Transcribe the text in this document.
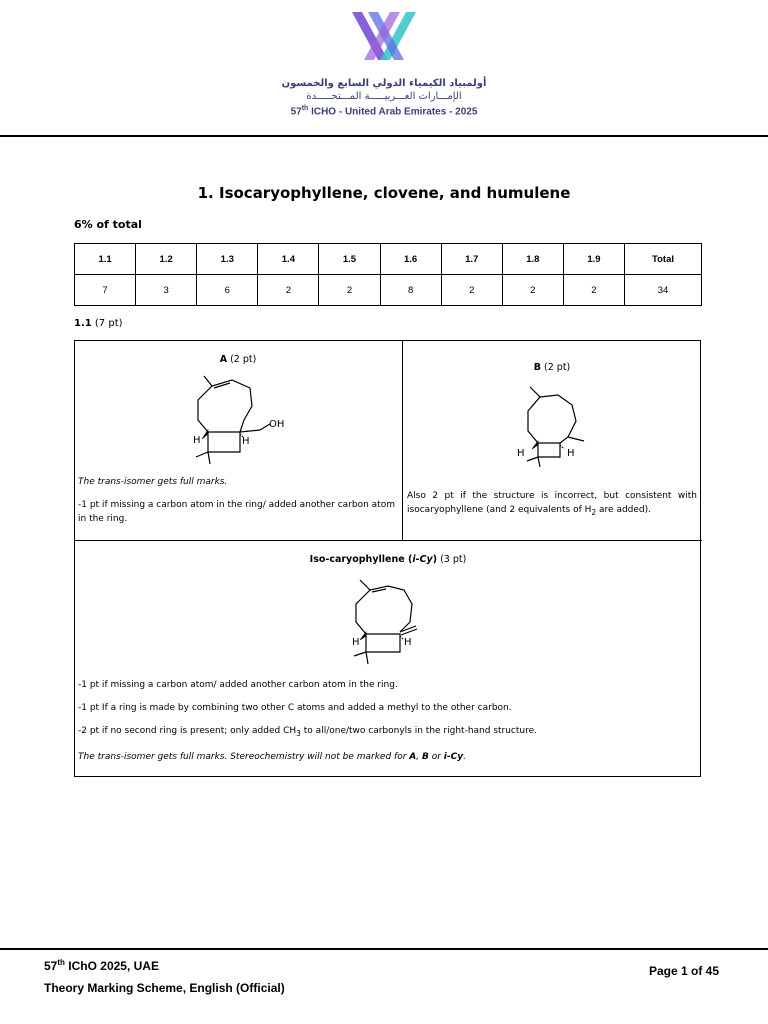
أولمبياد الكيمياء الدولي السابع والخمسون
الإمـــارات العـــربيـــــة المـــتحـــــدة
57th ICHO - United Arab Emirates - 2025
1. Isocaryophyllene, clovene, and humulene
6% of total
1.1	1.2	1.3	1.4	1.5	1.6	1.7	1.8	1.9	Total
7	3	6	2	2	8	2	2	2	34
1.1 (7 pt)
A (2 pt)
OH
H	H
The trans-isomer gets full marks.
-1 pt if missing a carbon atom in the ring/ added another carbon atom in the ring.
B (2 pt)
H	H
Also 2 pt if the structure is incorrect, but consistent with isocaryophyllene (and 2 equivalents of $H_2$ are added).
Iso-caryophyllene (i-Cy) (3 pt)
H	H
-1 pt if missing a carbon atom/ added another carbon atom in the ring.
-1 pt If a ring is made by combining two other C atoms and added a methyl to the other carbon.
-2 pt if no second ring is present; only added $CH_3$ to all/one/two carbonyls in the right-hand structure.
The trans-isomer gets full marks. Stereochemistry will not be marked for A, B or i-Cy.
57th IChO 2025, UAE
Theory Marking Scheme, English (Official)
Page 1 of 45
